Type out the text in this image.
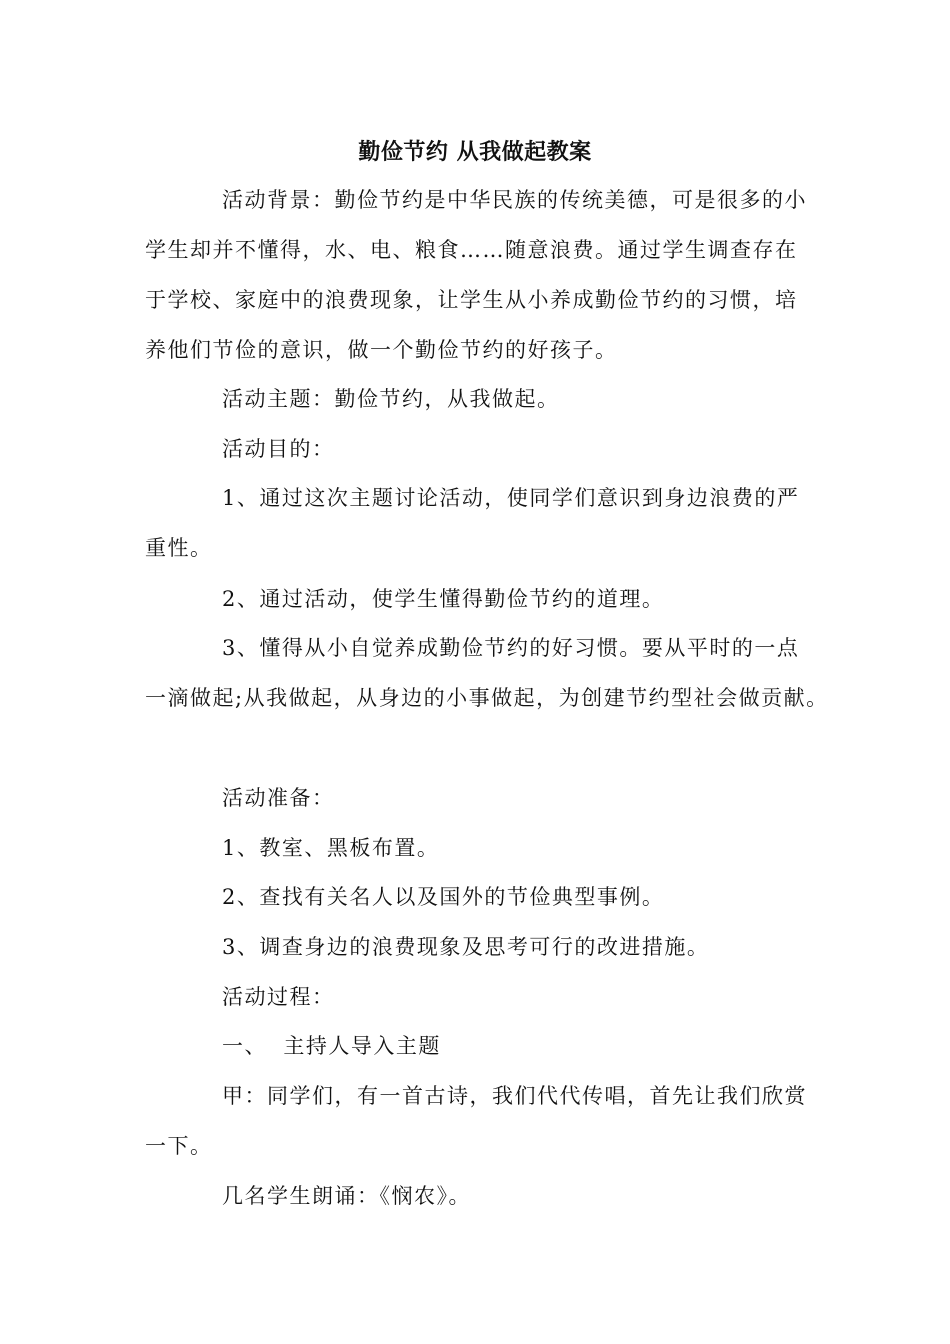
勤俭节约 从我做起教案
活动背景：勤俭节约是中华民族的传统美德，可是很多的小
学生却并不懂得，水、电、粮食……随意浪费。通过学生调查存在
于学校、家庭中的浪费现象，让学生从小养成勤俭节约的习惯，培
养他们节俭的意识，做一个勤俭节约的好孩子。
活动主题：勤俭节约，从我做起。
活动目的：
1、通过这次主题讨论活动，使同学们意识到身边浪费的严
重性。
2、通过活动，使学生懂得勤俭节约的道理。
3、懂得从小自觉养成勤俭节约的好习惯。要从平时的一点
一滴做起;从我做起，从身边的小事做起，为创建节约型社会做贡献。
活动准备：
1、教室、黑板布置。
2、查找有关名人以及国外的节俭典型事例。
3、调查身边的浪费现象及思考可行的改进措施。
活动过程：
一、  主持人导入主题
甲：同学们，有一首古诗，我们代代传唱，首先让我们欣赏
一下。
几名学生朗诵：《悯农》。
